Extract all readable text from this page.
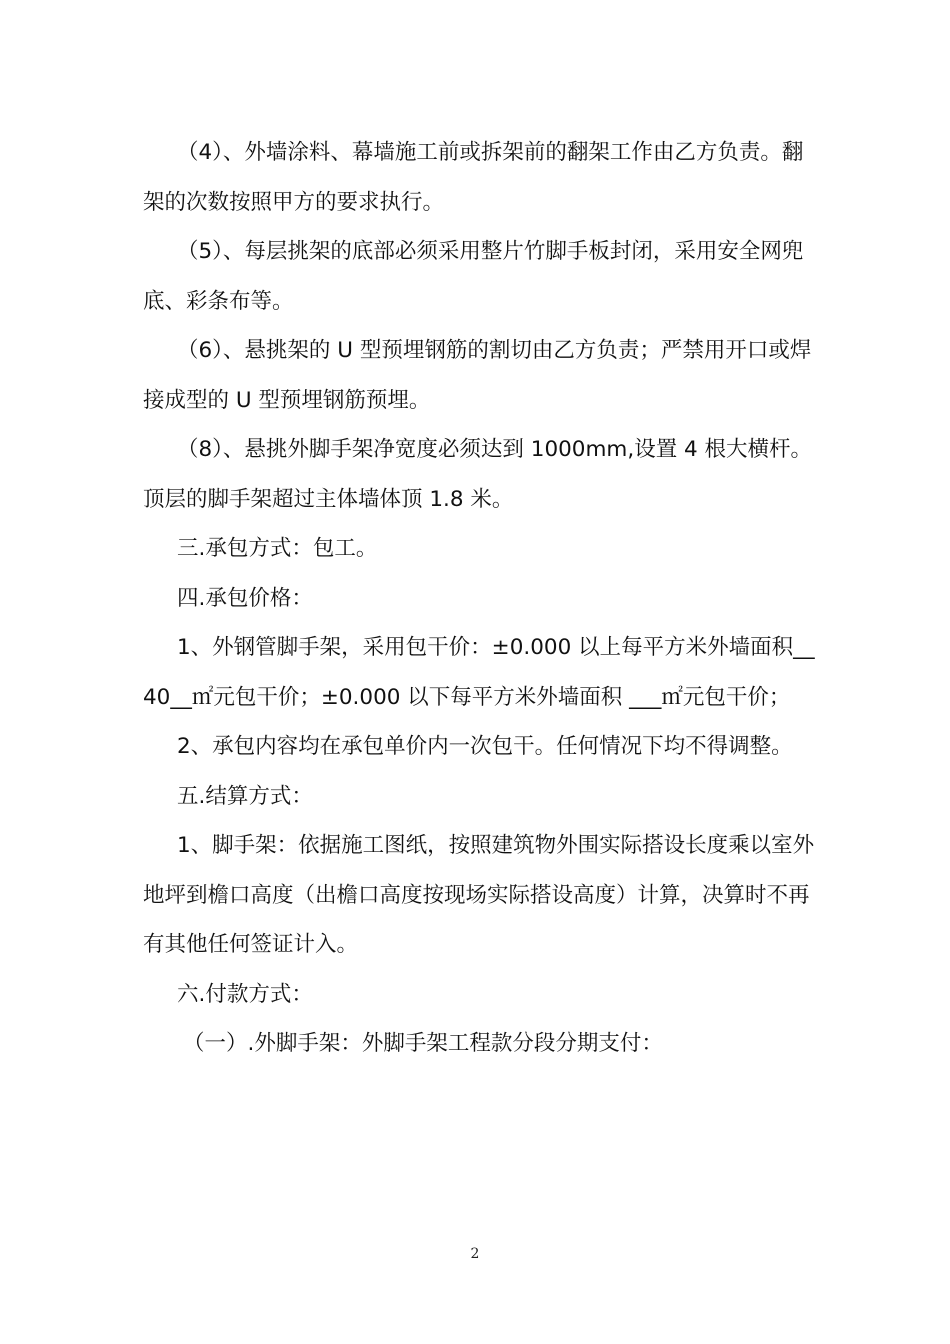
（4）、外墙涂料、幕墙施工前或拆架前的翻架工作由乙方负责。翻架的次数按照甲方的要求执行。

（5）、每层挑架的底部必须采用整片竹脚手板封闭，采用安全网兜底、彩条布等。

（6）、悬挑架的 U 型预埋钢筋的割切由乙方负责；严禁用开口或焊接成型的 U 型预埋钢筋预埋。

（8）、悬挑外脚手架净宽度必须达到 1000mm,设置 4 根大横杆。顶层的脚手架超过主体墙体顶 1.8 米。

三.承包方式：包工。

四.承包价格：

1、外钢管脚手架，采用包干价：±0.000 以上每平方米外墙面积__40__㎡元包干价；±0.000 以下每平方米外墙面积 ___㎡元包干价；

2、承包内容均在承包单价内一次包干。任何情况下均不得调整。

五.结算方式：

1、脚手架：依据施工图纸，按照建筑物外围实际搭设长度乘以室外地坪到檐口高度（出檐口高度按现场实际搭设高度）计算，决算时不再有其他任何签证计入。

六.付款方式：

（一）.外脚手架：外脚手架工程款分段分期支付：

2
